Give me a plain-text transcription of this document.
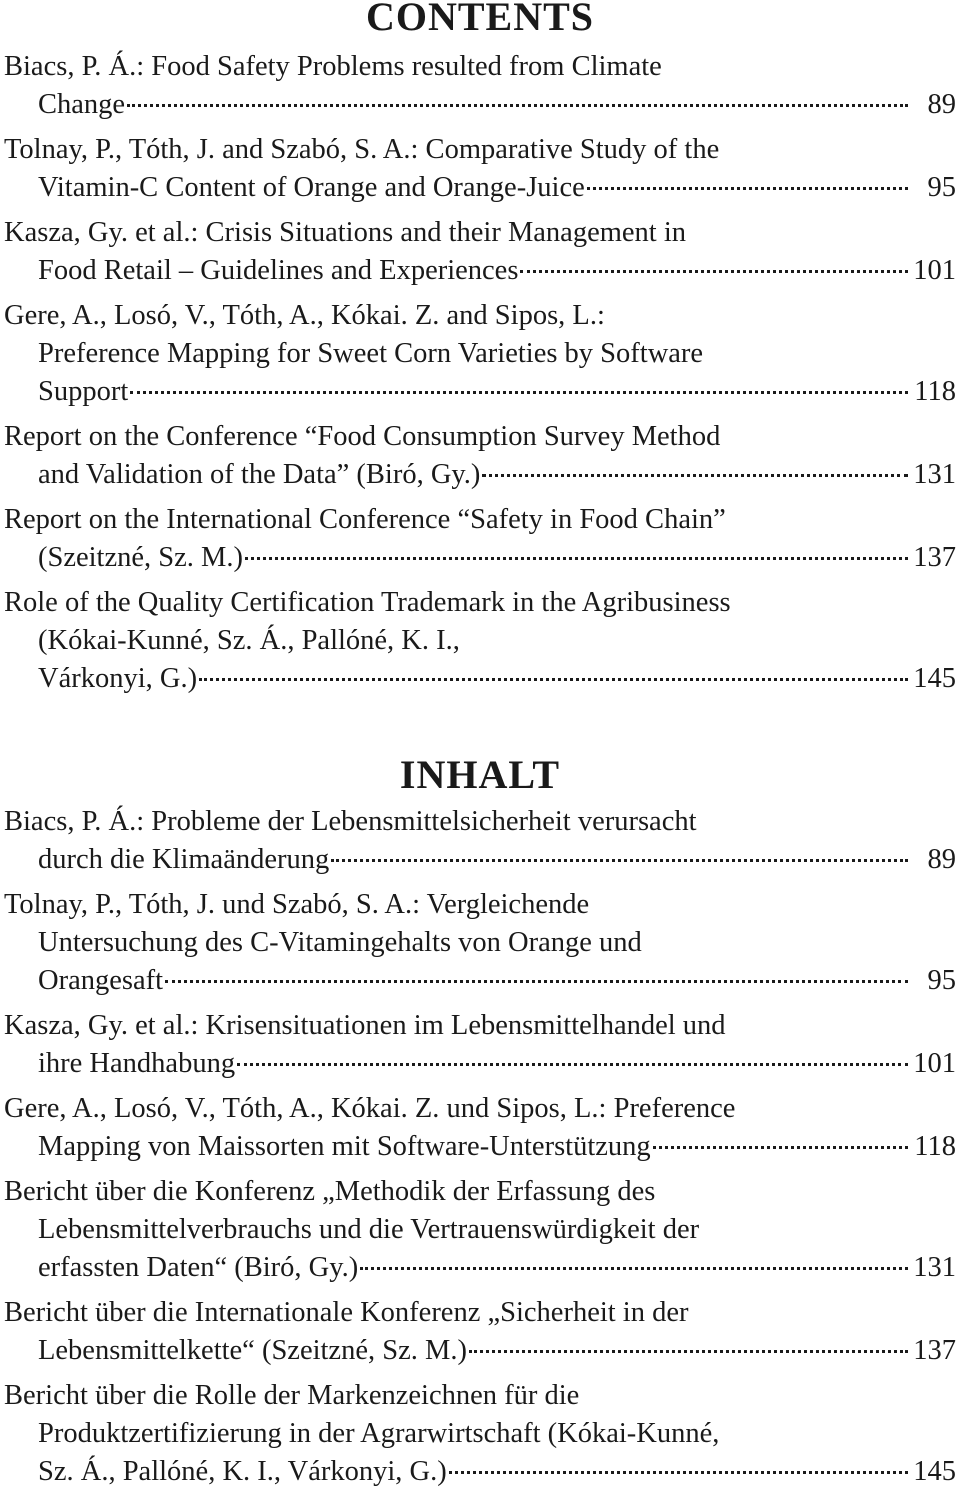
CONTENTS
Biacs, P. Á.: Food Safety Problems resulted from Climate
Change	89
Tolnay, P., Tóth, J. and Szabó, S. A.: Comparative Study of the
Vitamin-C Content of Orange and Orange-Juice	95
Kasza, Gy. et al.: Crisis Situations and their Management in
Food Retail – Guidelines and Experiences	101
Gere, A., Losó, V., Tóth, A., Kókai. Z. and Sipos, L.:
Preference Mapping for Sweet Corn Varieties by Software
Support	118
Report on the Conference “Food Consumption Survey Method
and Validation of the Data” (Biró, Gy.)	131
Report on the International Conference “Safety in Food Chain”
(Szeitzné, Sz. M.)	137
Role of the Quality Certification Trademark in the Agribusiness
(Kókai-Kunné, Sz. Á., Pallóné, K. I.,
Várkonyi, G.)	145
INHALT
Biacs, P. Á.: Probleme der Lebensmittelsicherheit verursacht
durch die Klimaänderung	89
Tolnay, P., Tóth, J. und Szabó, S. A.: Vergleichende
Untersuchung des C-Vitamingehalts von Orange und
Orangesaft	95
Kasza, Gy. et al.: Krisensituationen im Lebensmittelhandel und
ihre Handhabung	101
Gere, A., Losó, V., Tóth, A., Kókai. Z. und Sipos, L.: Preference
Mapping von Maissorten mit Software-Unterstützung	118
Bericht über die Konferenz „Methodik der Erfassung des
Lebensmittelverbrauchs und die Vertrauenswürdigkeit der
erfassten Daten“ (Biró, Gy.)	131
Bericht über die Internationale Konferenz „Sicherheit in der
Lebensmittelkette“ (Szeitzné, Sz. M.)	137
Bericht über die Rolle der Markenzeichnen für die
Produktzertifizierung in der Agrarwirtschaft (Kókai-Kunné,
Sz. Á., Pallóné, K. I., Várkonyi, G.)	145
